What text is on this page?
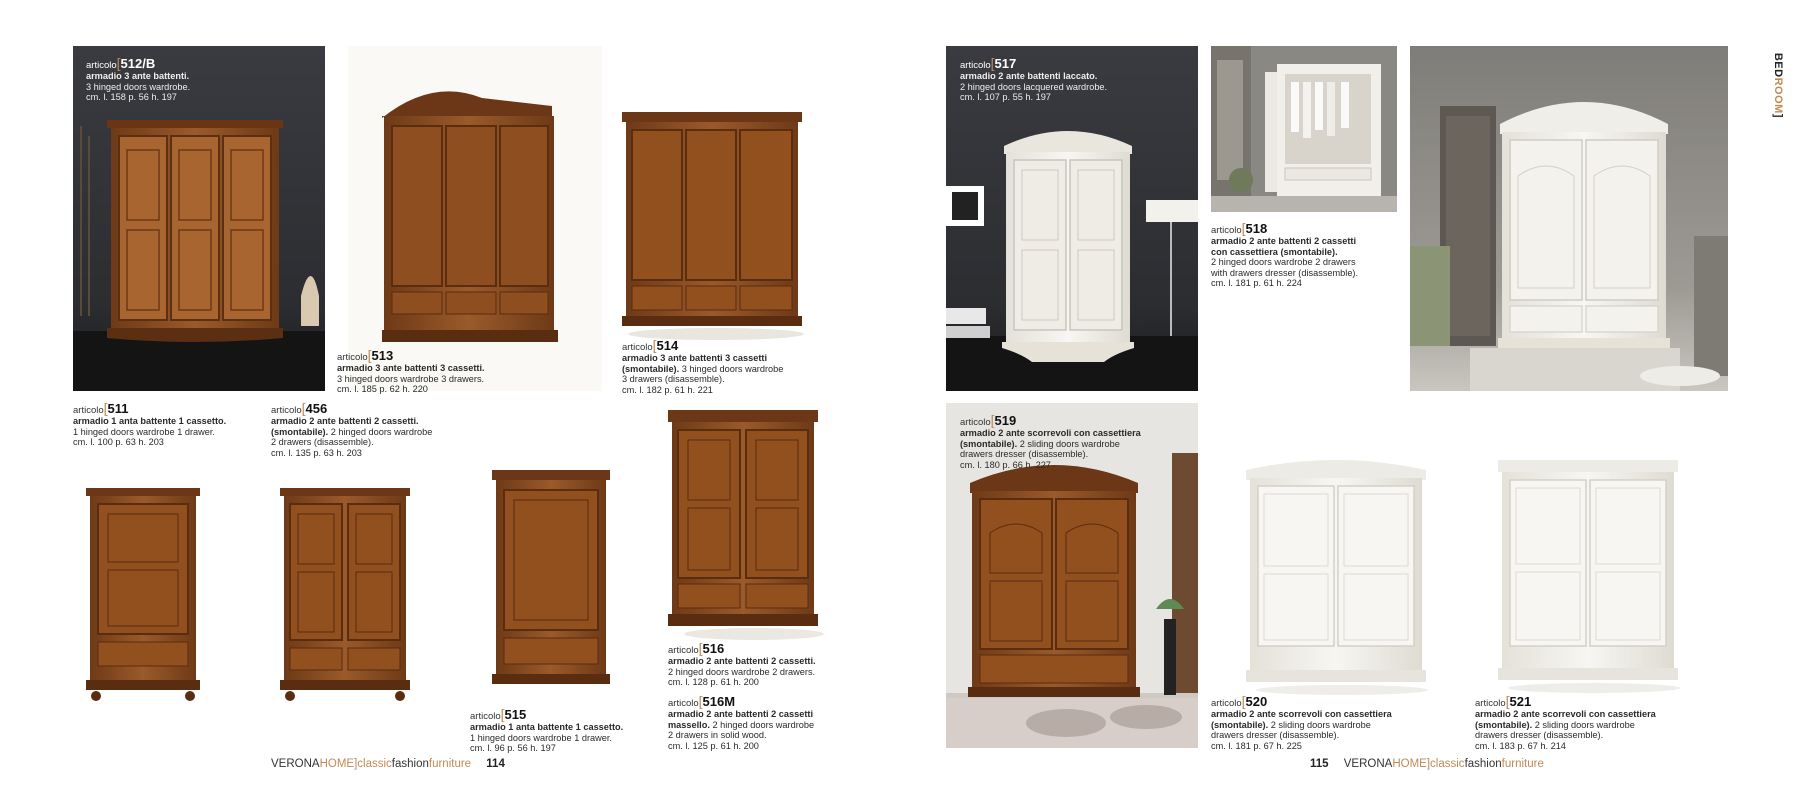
articolo[512/B
armadio 3 ante battenti.
3 hinged doors wardrobe.
cm. l. 158 p. 56 h. 197
articolo[513
armadio 3 ante battenti 3 cassetti.
3 hinged doors wardrobe 3 drawers.
cm. l. 185 p. 62 h. 220
articolo[514
armadio 3 ante battenti 3 cassetti
(smontabile). 3 hinged doors wardrobe
3 drawers (disassemble).
cm. l. 182 p. 61 h. 221
articolo[511
armadio 1 anta battente 1 cassetto.
1 hinged doors wardrobe 1 drawer.
cm. l. 100 p. 63 h. 203
articolo[456
armadio 2 ante battenti 2 cassetti.
(smontabile). 2 hinged doors wardrobe
2 drawers (disassemble).
cm. l. 135 p. 63 h. 203
articolo[515
armadio 1 anta battente 1 cassetto.
1 hinged doors wardrobe 1 drawer.
cm. l. 96 p. 56 h. 197
articolo[516
armadio 2 ante battenti 2 cassetti.
2 hinged doors wardrobe 2 drawers.
cm. l. 128 p. 61 h. 200
articolo[516M
armadio 2 ante battenti 2 cassetti
massello. 2 hinged doors wardrobe
2 drawers in solid wood.
cm. l. 125 p. 61 h. 200
VERONAHOME]classicfashionfurniture 114
articolo[517
armadio 2 ante battenti laccato.
2 hinged doors lacquered wardrobe.
cm. l. 107 p. 55 h. 197
articolo[518
armadio 2 ante battenti 2 cassetti
con cassettiera (smontabile).
2 hinged doors wardrobe 2 drawers
with drawers dresser (disassemble).
cm. l. 181 p. 61 h. 224
articolo[519
armadio 2 ante scorrevoli con cassettiera
(smontabile). 2 sliding doors wardrobe
drawers dresser (disassemble).
cm. l. 180 p. 66 h. 227
articolo[520
armadio 2 ante scorrevoli con cassettiera
(smontabile). 2 sliding doors wardrobe
drawers dresser (disassemble).
cm. l. 181 p. 67 h. 225
articolo[521
armadio 2 ante scorrevoli con cassettiera
(smontabile). 2 sliding doors wardrobe
drawers dresser (disassemble).
cm. l. 183 p. 67 h. 214
115 VERONAHOME]classicfashionfurniture
BEDROOM]
